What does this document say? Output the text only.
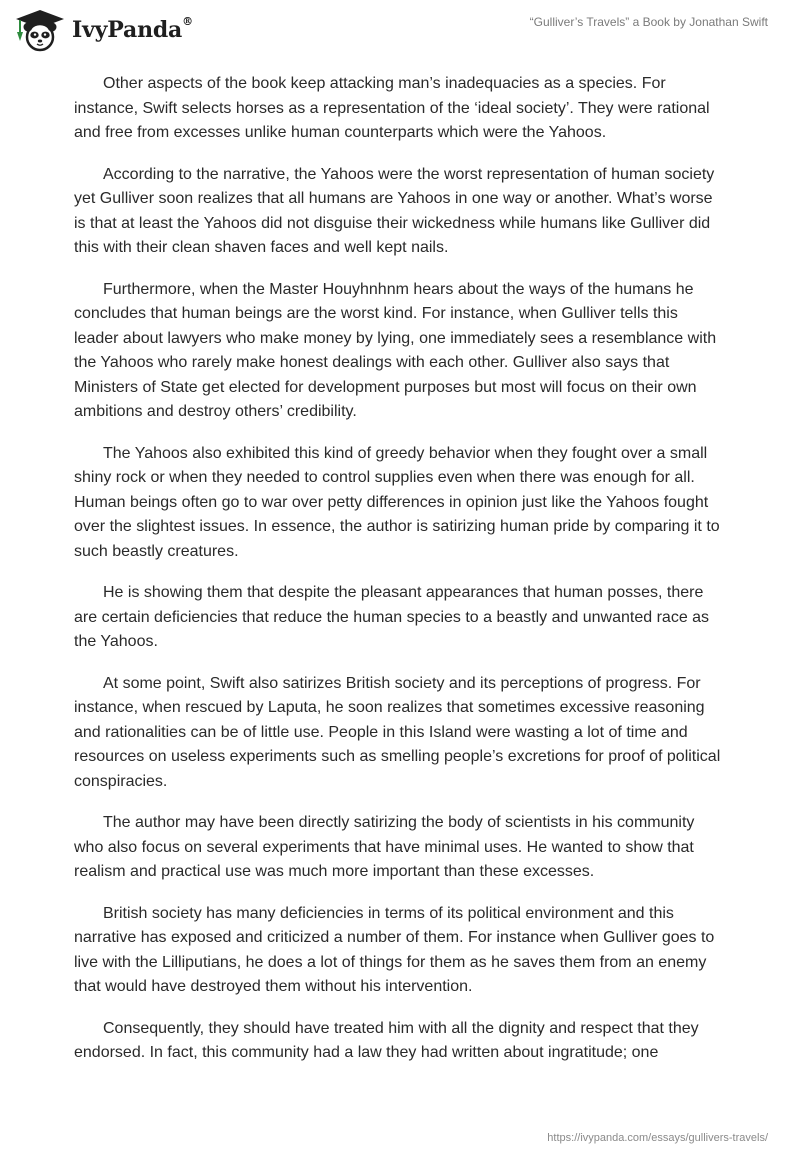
IvyPanda®	“Gulliver’s Travels” a Book by Jonathan Swift

Other aspects of the book keep attacking man’s inadequacies as a species. For instance, Swift selects horses as a representation of the ‘ideal society’. They were rational and free from excesses unlike human counterparts which were the Yahoos.

According to the narrative, the Yahoos were the worst representation of human society yet Gulliver soon realizes that all humans are Yahoos in one way or another. What’s worse is that at least the Yahoos did not disguise their wickedness while humans like Gulliver did this with their clean shaven faces and well kept nails.

Furthermore, when the Master Houyhnhnm hears about the ways of the humans he concludes that human beings are the worst kind. For instance, when Gulliver tells this leader about lawyers who make money by lying, one immediately sees a resemblance with the Yahoos who rarely make honest dealings with each other. Gulliver also says that Ministers of State get elected for development purposes but most will focus on their own ambitions and destroy others’ credibility.

The Yahoos also exhibited this kind of greedy behavior when they fought over a small shiny rock or when they needed to control supplies even when there was enough for all. Human beings often go to war over petty differences in opinion just like the Yahoos fought over the slightest issues. In essence, the author is satirizing human pride by comparing it to such beastly creatures.

He is showing them that despite the pleasant appearances that human posses, there are certain deficiencies that reduce the human species to a beastly and unwanted race as the Yahoos.

At some point, Swift also satirizes British society and its perceptions of progress. For instance, when rescued by Laputa, he soon realizes that sometimes excessive reasoning and rationalities can be of little use. People in this Island were wasting a lot of time and resources on useless experiments such as smelling people’s excretions for proof of political conspiracies.

The author may have been directly satirizing the body of scientists in his community who also focus on several experiments that have minimal uses. He wanted to show that realism and practical use was much more important than these excesses.

British society has many deficiencies in terms of its political environment and this narrative has exposed and criticized a number of them. For instance when Gulliver goes to live with the Lilliputians, he does a lot of things for them as he saves them from an enemy that would have destroyed them without his intervention.

Consequently, they should have treated him with all the dignity and respect that they endorsed. In fact, this community had a law they had written about ingratitude; one

https://ivypanda.com/essays/gullivers-travels/
